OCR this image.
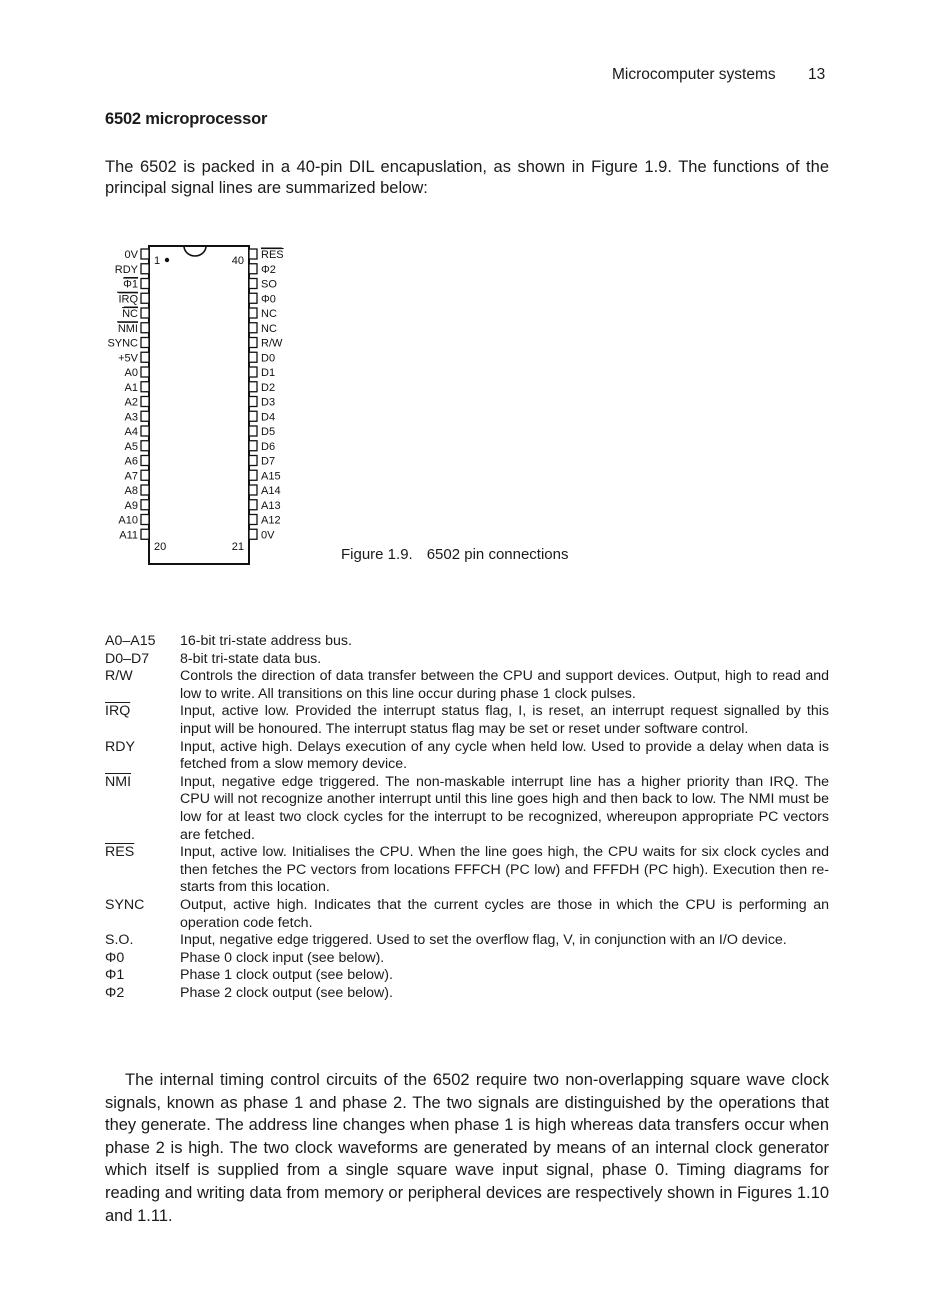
Microcomputer systems 13
6502 microprocessor

The 6502 is packed in a 40-pin DIL encapuslation, as shown in Figure 1.9. The functions of the principal signal lines are summarized below:

1	40
20	21
0V
RDY
Φ1
IRQ
NC
NMI
SYNC
+5V
A0
A1
A2
A3
A4
A5
A6
A7
A8
A9
A10
A11
RES
Φ2
SO
Φ0
NC
NC
R/W
D0
D1
D2
D3
D4
D5
D6
D7
A15
A14
A13
A12
0V
Figure 1.9. 6502 pin connections
A0–A15	16-bit tri-state address bus.
D0–D7	8-bit tri-state data bus.
R/W	Controls the direction of data transfer between the CPU and support devices. Output, high to read and low to write. All transitions on this line occur during phase 1 clock pulses.
$\overline{IRQ}$	Input, active low. Provided the interrupt status flag, I, is reset, an interrupt request signalled by this input will be honoured. The interrupt status flag may be set or reset under software control.
RDY	Input, active high. Delays execution of any cycle when held low. Used to provide a delay when data is fetched from a slow memory device.
$\overline{NMI}$	Input, negative edge triggered. The non-maskable interrupt line has a higher priority than IRQ. The CPU will not recognize another interrupt until this line goes high and then back to low. The NMI must be low for at least two clock cycles for the interrupt to be recognized, whereupon appropriate PC vectors are fetched.
$\overline{RES}$	Input, active low. Initialises the CPU. When the line goes high, the CPU waits for six clock cycles and then fetches the PC vectors from locations FFFCH (PC low) and FFFDH (PC high). Execution then re-starts from this location.
SYNC	Output, active high. Indicates that the current cycles are those in which the CPU is performing an operation code fetch.
S.O.	Input, negative edge triggered. Used to set the overflow flag, V, in conjunction with an I/O device.
Φ0	Phase 0 clock input (see below).
Φ1	Phase 1 clock output (see below).
Φ2	Phase 2 clock output (see below).

The internal timing control circuits of the 6502 require two non-overlapping square wave clock signals, known as phase 1 and phase 2. The two signals are distinguished by the operations that they generate. The address line changes when phase 1 is high whereas data transfers occur when phase 2 is high. The two clock waveforms are generated by means of an internal clock generator which itself is supplied from a single square wave input signal, phase 0. Timing diagrams for reading and writing data from memory or peripheral devices are respectively shown in Figures 1.10 and 1.11.
